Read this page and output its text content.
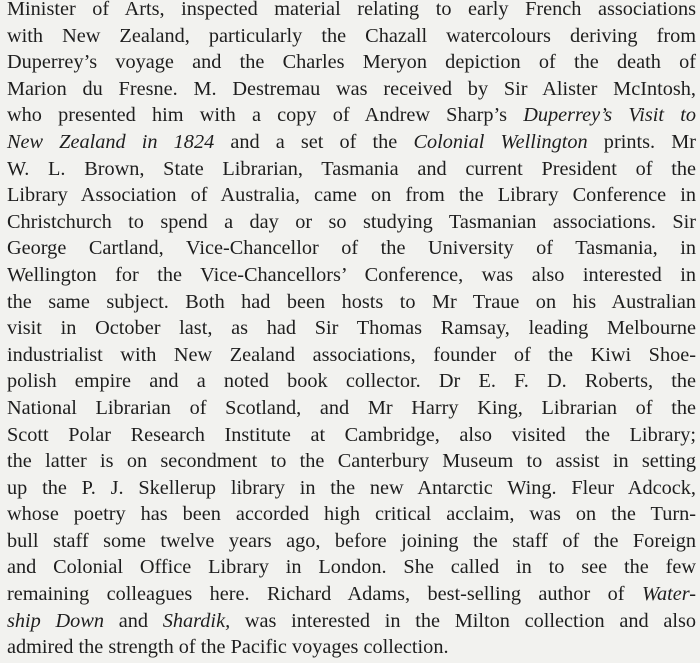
Minister of Arts, inspected material relating to early French associations
with New Zealand, particularly the Chazall watercolours deriving from
Duperrey’s voyage and the Charles Meryon depiction of the death of
Marion du Fresne. M. Destremau was received by Sir Alister McIntosh,
who presented him with a copy of Andrew Sharp’s Duperrey’s Visit to
New Zealand in 1824 and a set of the Colonial Wellington prints. Mr
W. L. Brown, State Librarian, Tasmania and current President of the
Library Association of Australia, came on from the Library Conference in
Christchurch to spend a day or so studying Tasmanian associations. Sir
George Cartland, Vice-Chancellor of the University of Tasmania, in
Wellington for the Vice-Chancellors’ Conference, was also interested in
the same subject. Both had been hosts to Mr Traue on his Australian
visit in October last, as had Sir Thomas Ramsay, leading Melbourne
industrialist with New Zealand associations, founder of the Kiwi Shoe-
polish empire and a noted book collector. Dr E. F. D. Roberts, the
National Librarian of Scotland, and Mr Harry King, Librarian of the
Scott Polar Research Institute at Cambridge, also visited the Library;
the latter is on secondment to the Canterbury Museum to assist in setting
up the P. J. Skellerup library in the new Antarctic Wing. Fleur Adcock,
whose poetry has been accorded high critical acclaim, was on the Turn-
bull staff some twelve years ago, before joining the staff of the Foreign
and Colonial Office Library in London. She called in to see the few
remaining colleagues here. Richard Adams, best-selling author of Water-
ship Down and Shardik, was interested in the Milton collection and also
admired the strength of the Pacific voyages collection.
